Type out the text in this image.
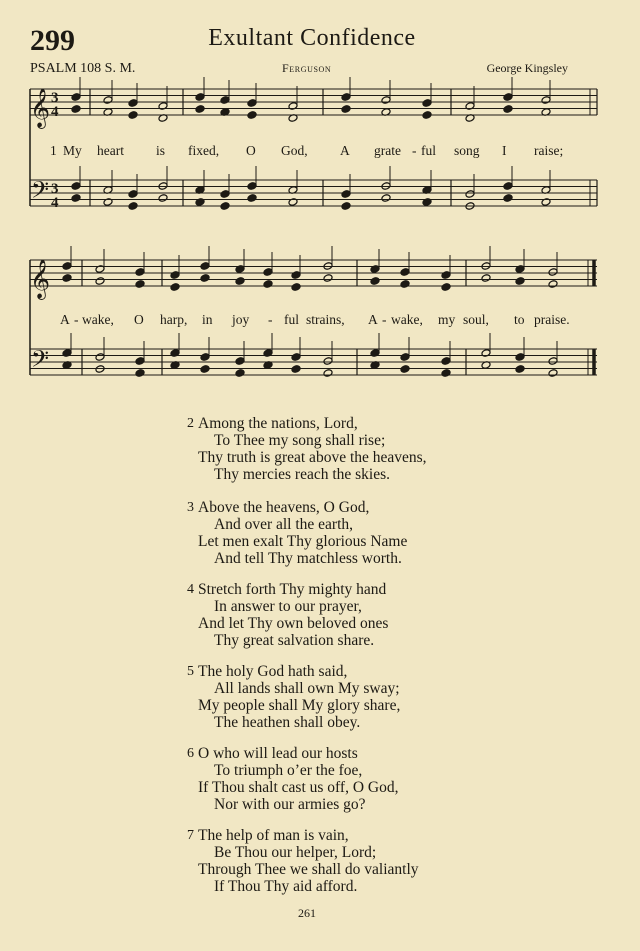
299	Exultant Confidence
PSALM 108 S. M.	Ferguson	George Kingsley
𝄞
𝄢
3
4
3
4
𝄞
𝄢
1 My heart is fixed, O God, A grate - ful song I raise;
A - wake, O harp, in joy - ful strains, A - wake, my soul, to praise.
2 Among the nations, Lord,
To Thee my song shall rise;
Thy truth is great above the heavens,
Thy mercies reach the skies.
3 Above the heavens, O God,
And over all the earth,
Let men exalt Thy glorious Name
And tell Thy matchless worth.
4 Stretch forth Thy mighty hand
In answer to our prayer,
And let Thy own beloved ones
Thy great salvation share.
5 The holy God hath said,
All lands shall own My sway;
My people shall My glory share,
The heathen shall obey.
6 O who will lead our hosts
To triumph o’er the foe,
If Thou shalt cast us off, O God,
Nor with our armies go?
7 The help of man is vain,
Be Thou our helper, Lord;
Through Thee we shall do valiantly
If Thou Thy aid afford.
261
